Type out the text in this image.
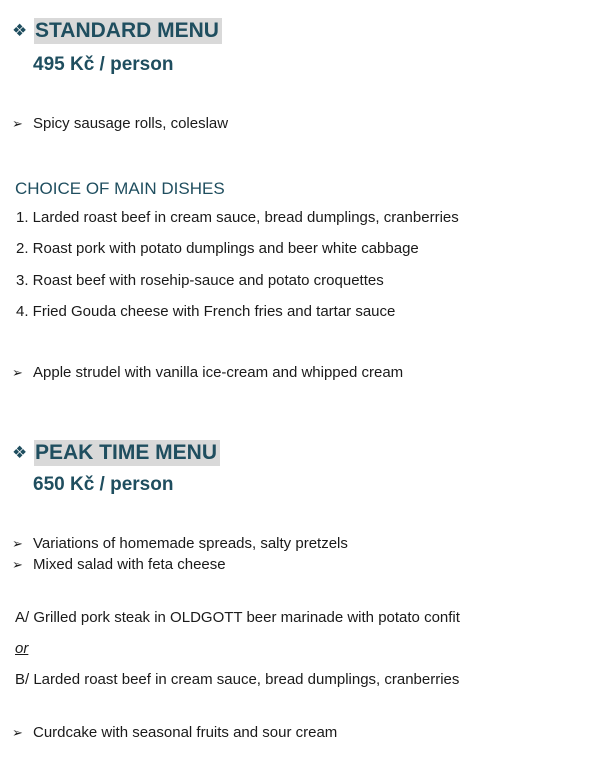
❖ STANDARD MENU
495 Kč / person
➢ Spicy sausage rolls, coleslaw
CHOICE OF MAIN DISHES
1. Larded roast beef in cream sauce, bread dumplings, cranberries
2. Roast pork with potato dumplings and beer white cabbage
3. Roast beef with rosehip-sauce and potato croquettes
4. Fried Gouda cheese with French fries and tartar sauce
➢ Apple strudel with vanilla ice-cream and whipped cream
❖ PEAK TIME MENU
650 Kč / person
➢ Variations of homemade spreads, salty pretzels
➢ Mixed salad with feta cheese
A/ Grilled pork steak in OLDGOTT beer marinade with potato confit
or
B/ Larded roast beef in cream sauce, bread dumplings, cranberries
➢ Curdcake with seasonal fruits and sour cream
